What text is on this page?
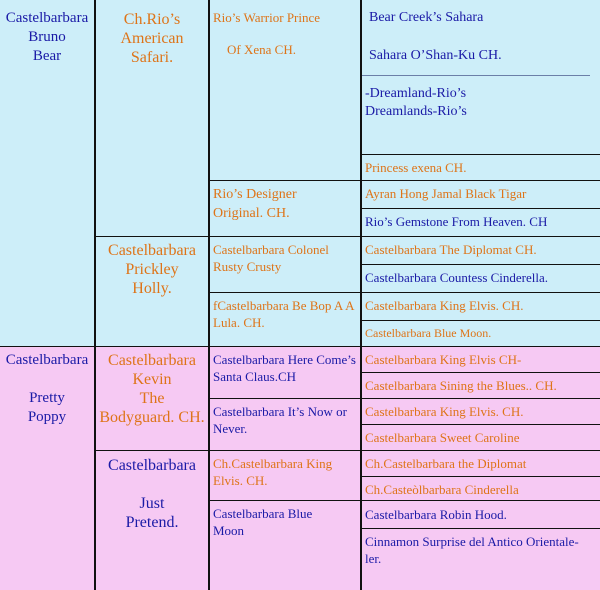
Castelbarbara
Bruno
Bear
Castelbarbara
Pretty
Poppy
Ch.Rio’s
American
Safari.
Castelbarbara
Prickley
Holly.
Castelbarbara
Kevin
The
Bodyguard. CH.
Castelbarbara
Just
Pretend.
Rio’s Warrior Prince
Of Xena CH.
Rio’s Designer
Original. CH.
Castelbarbara Colonel Rusty Crusty
fCastelbarbara Be Bop A A Lula. CH.
Castelbarbara Here Come’s Santa Claus.CH
Castelbarbara It’s Now or Never.
Ch.Castelbarbara King Elvis. CH.
Castelbarbara Blue Moon
Bear Creek’s Sahara
Sahara O’Shan-Ku CH.
-Dreamland-Rio’s
Dreamlands-Rio’s
Princess exena CH.
Ayran Hong Jamal Black Tigar
Rio’s Gemstone From Heaven. CH
Castelbarbara The Diplomat CH.
Castelbarbara Countess Cinderella.
Castelbarbara King Elvis. CH.
Castelbarbara Blue Moon.
Castelbarbara King Elvis CH-
Castelbarbara Sining the Blues.. CH.
Castelbarbara King Elvis. CH.
Castelbarbara Sweet Caroline
Ch.Castelbarbara the Diplomat
Ch.Casteòlbarbara Cinderella
Castelbarbara Robin Hood.
Cinnamon Surprise del Antico Orientale-ler.
